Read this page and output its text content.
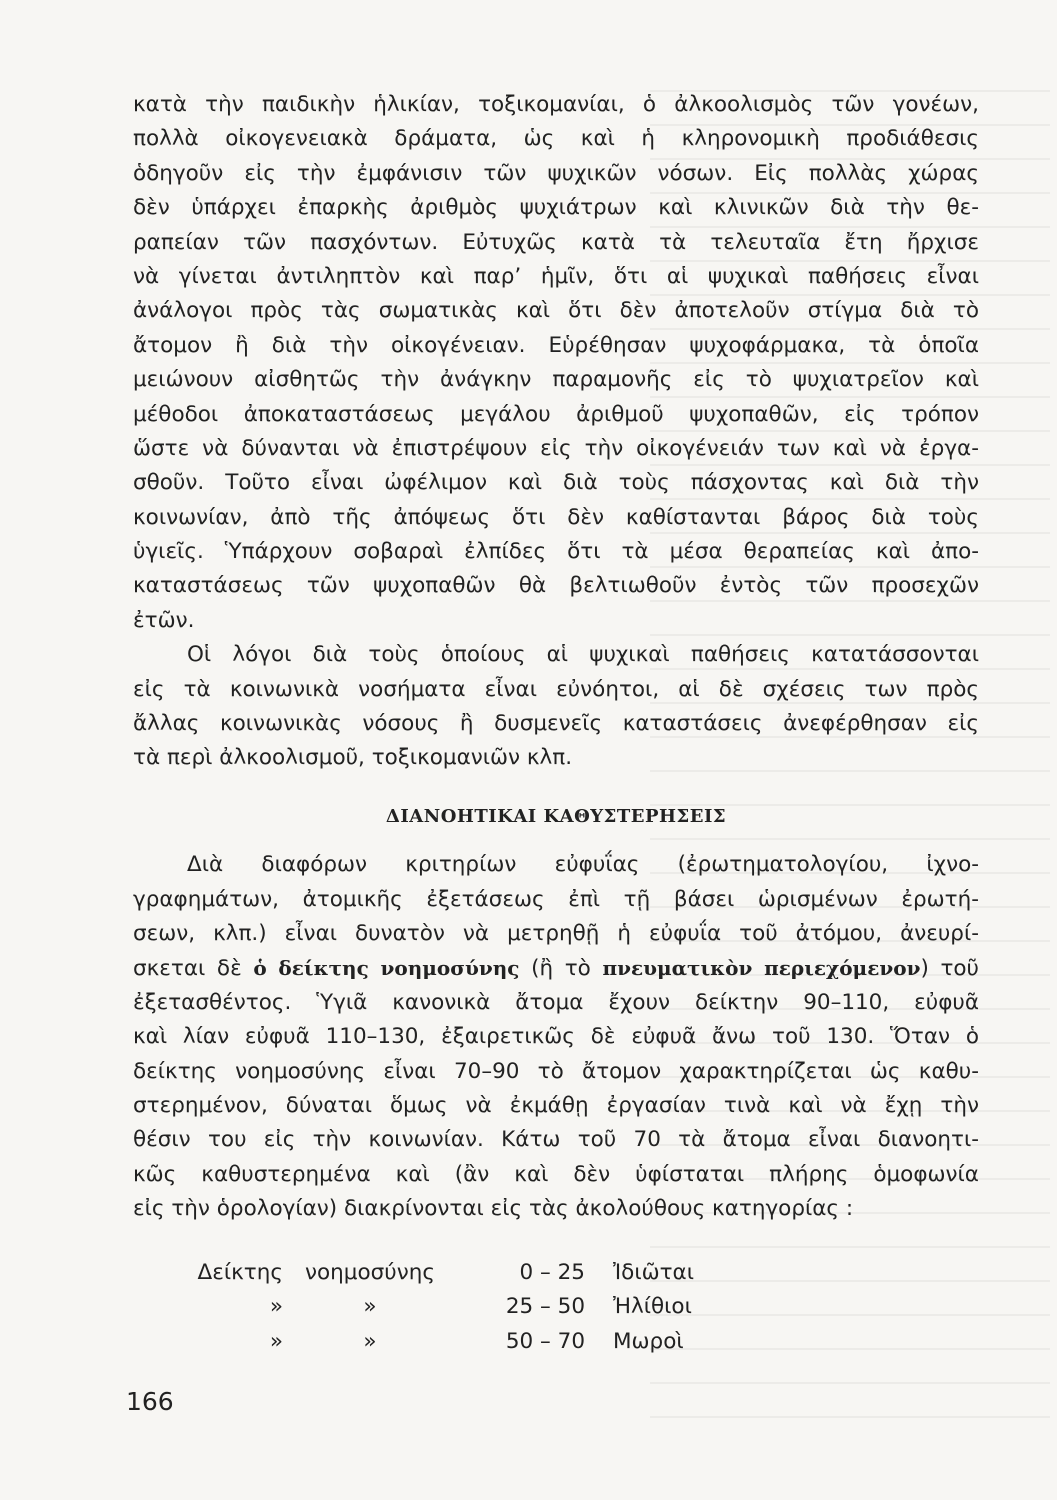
κατὰ τὴν παιδικὴν ἡλικίαν, τοξικομανίαι, ὁ ἀλκοολισμὸς τῶν γονέων,
πολλὰ οἰκογενειακὰ δράματα, ὡς καὶ ἡ κληρονομικὴ προδιάθεσις
ὁδηγοῦν εἰς τὴν ἐμφάνισιν τῶν ψυχικῶν νόσων. Εἰς πολλὰς χώρας
δὲν ὑπάρχει ἐπαρκὴς ἀριθμὸς ψυχιάτρων καὶ κλινικῶν διὰ τὴν θε-
ραπείαν τῶν πασχόντων. Εὐτυχῶς κατὰ τὰ τελευταῖα ἔτη ἤρχισε
νὰ γίνεται ἀντιληπτὸν καὶ παρ’ ἡμῖν, ὅτι αἱ ψυχικαὶ παθήσεις εἶναι
ἀνάλογοι πρὸς τὰς σωματικὰς καὶ ὅτι δὲν ἀποτελοῦν στίγμα διὰ τὸ
ἄτομον ἢ διὰ τὴν οἰκογένειαν. Εὑρέθησαν ψυχοφάρμακα, τὰ ὁποῖα
μειώνουν αἰσθητῶς τὴν ἀνάγκην παραμονῆς εἰς τὸ ψυχιατρεῖον καὶ
μέθοδοι ἀποκαταστάσεως μεγάλου ἀριθμοῦ ψυχοπαθῶν, εἰς τρόπον
ὥστε νὰ δύνανται νὰ ἐπιστρέψουν εἰς τὴν οἰκογένειάν των καὶ νὰ ἐργα-
σθοῦν. Τοῦτο εἶναι ὠφέλιμον καὶ διὰ τοὺς πάσχοντας καὶ διὰ τὴν
κοινωνίαν, ἀπὸ τῆς ἀπόψεως ὅτι δὲν καθίστανται βάρος διὰ τοὺς
ὑγιεῖς. Ὑπάρχουν σοβαραὶ ἐλπίδες ὅτι τὰ μέσα θεραπείας καὶ ἀπο-
καταστάσεως τῶν ψυχοπαθῶν θὰ βελτιωθοῦν ἐντὸς τῶν προσεχῶν
ἐτῶν.
Οἱ λόγοι διὰ τοὺς ὁποίους αἱ ψυχικαὶ παθήσεις κατατάσσονται
εἰς τὰ κοινωνικὰ νοσήματα εἶναι εὐνόητοι, αἱ δὲ σχέσεις των πρὸς
ἄλλας κοινωνικὰς νόσους ἢ δυσμενεῖς καταστάσεις ἀνεφέρθησαν εἰς
τὰ περὶ ἀλκοολισμοῦ, τοξικομανιῶν κλπ.
ΔΙΑΝΟΗΤΙΚΑΙ ΚΑΘΥΣΤΕΡΗΣΕΙΣ
Διὰ διαφόρων κριτηρίων εὐφυΐας (ἐρωτηματολογίου, ἰχνο-
γραφημάτων, ἀτομικῆς ἐξετάσεως ἐπὶ τῇ βάσει ὡρισμένων ἐρωτή-
σεων, κλπ.) εἶναι δυνατὸν νὰ μετρηθῇ ἡ εὐφυΐα τοῦ ἀτόμου, ἀνευρί-
σκεται δὲ ὁ δείκτης νοημοσύνης (ἢ τὸ πνευματικὸν περιεχόμενον) τοῦ
ἐξετασθέντος. Ὑγιᾶ κανονικὰ ἄτομα ἔχουν δείκτην 90–110, εὐφυᾶ
καὶ λίαν εὐφυᾶ 110–130, ἐξαιρετικῶς δὲ εὐφυᾶ ἄνω τοῦ 130. Ὅταν ὁ
δείκτης νοημοσύνης εἶναι 70–90 τὸ ἄτομον χαρακτηρίζεται ὡς καθυ-
στερημένον, δύναται ὅμως νὰ ἐκμάθῃ ἐργασίαν τινὰ καὶ νὰ ἔχῃ τὴν
θέσιν του εἰς τὴν κοινωνίαν. Κάτω τοῦ 70 τὰ ἄτομα εἶναι διανοητι-
κῶς καθυστερημένα καὶ (ἂν καὶ δὲν ὑφίσταται πλήρης ὁμοφωνία
εἰς τὴν ὁρολογίαν) διακρίνονται εἰς τὰς ἀκολούθους κατηγορίας :
Δείκτης	νοημοσύνης	0 – 25	Ἰδιῶται
»	»	25 – 50	Ἠλίθιοι
»	»	50 – 70	Μωροὶ
166
